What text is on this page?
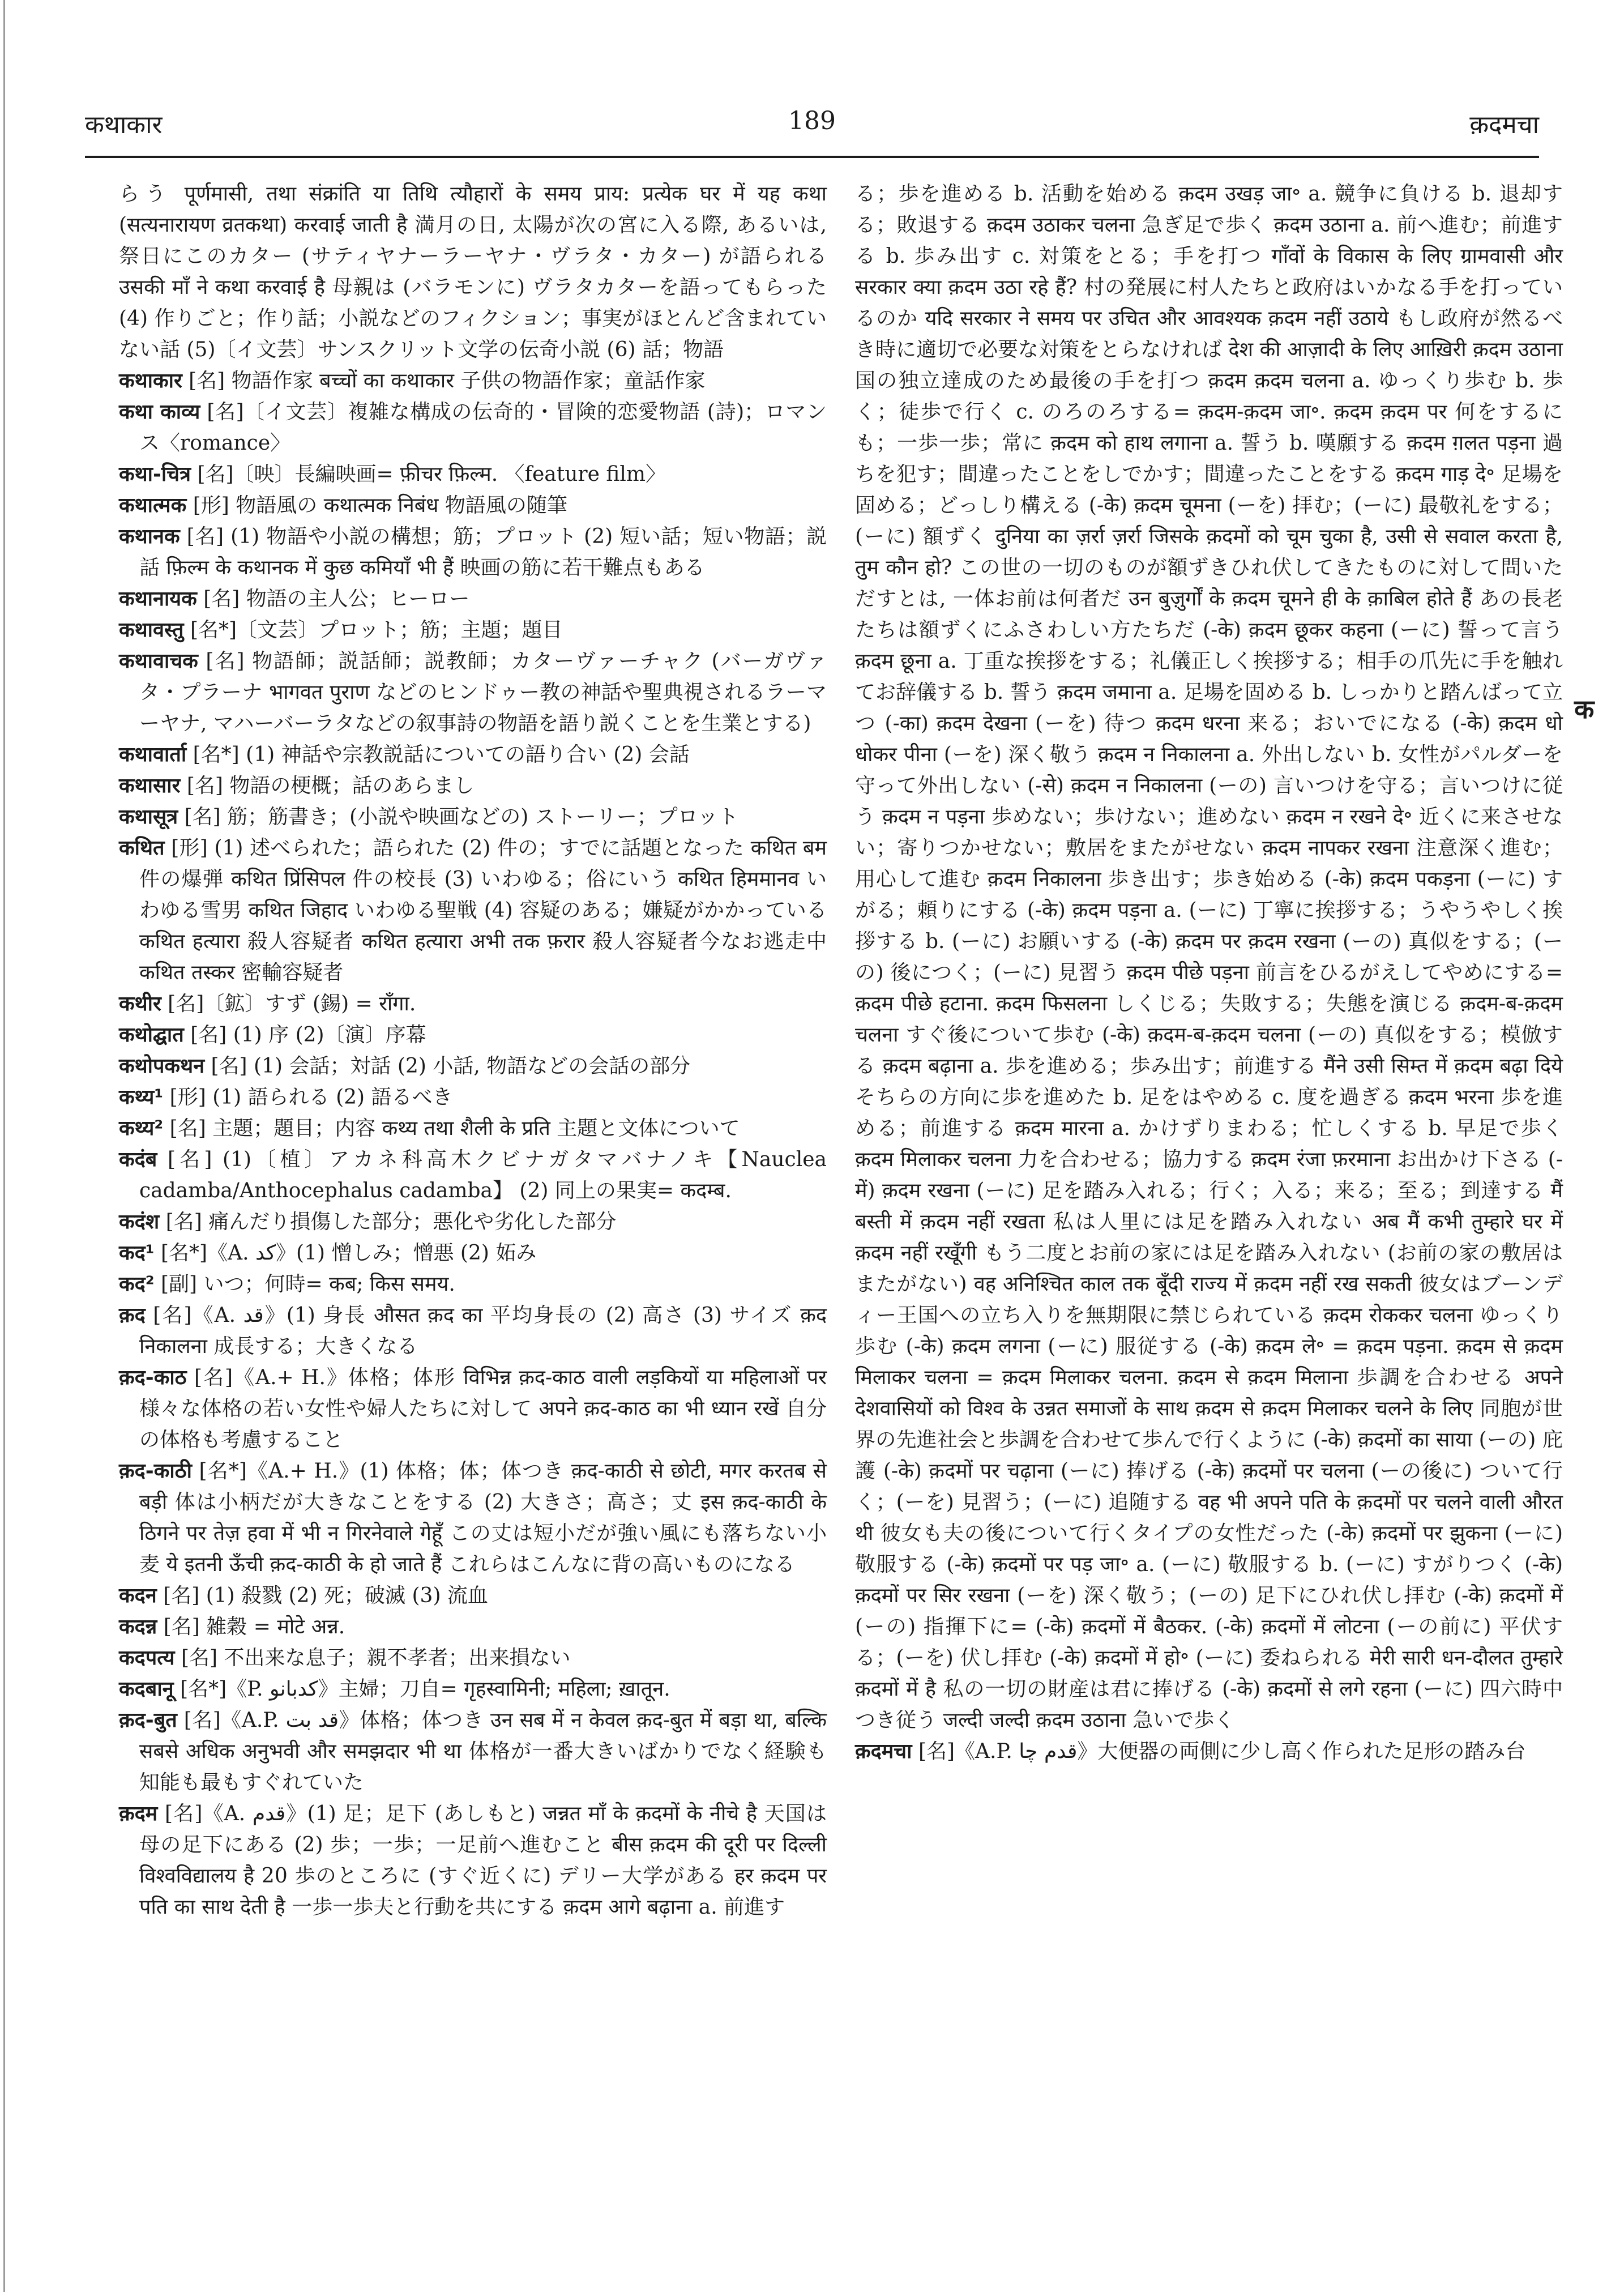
कथाकार	189	क़दमचा

らう पूर्णमासी, तथा संक्रांति या तिथि त्यौहारों के समय प्राय: प्रत्येक घर में यह कथा (सत्यनारायण व्रतकथा) करवाई जाती है 満月の日, 太陽が次の宮に入る際, あるいは, 祭日にこのカター (サティヤナーラーヤナ・ヴラタ・カター) が語られる उसकी माँ ने कथा करवाई है 母親は (バラモンに) ヴラタカターを語ってもらった (4) 作りごと；作り話；小説などのフィクション；事実がほとんど含まれていない話 (5)〔イ文芸〕サンスクリット文学の伝奇小説 (6) 話；物語

कथाकार [名] 物語作家 बच्चों का कथाकार 子供の物語作家；童話作家

कथा काव्य [名]〔イ文芸〕複雑な構成の伝奇的・冒険的恋愛物語 (詩)；ロマンス〈romance〉

कथा-चित्र [名]〔映〕長編映画= फ़ीचर फ़िल्म. 〈feature film〉

कथात्मक [形] 物語風の कथात्मक निबंध 物語風の随筆

कथानक [名] (1) 物語や小説の構想；筋；プロット (2) 短い話；短い物語；説話 फ़िल्म के कथानक में कुछ कमियाँ भी हैं 映画の筋に若干難点もある

कथानायक [名] 物語の主人公；ヒーロー

कथावस्तु [名*]〔文芸〕プロット；筋；主題；題目

कथावाचक [名] 物語師；説話師；説教師；カターヴァーチャク (バーガヴァタ・プラーナ भागवत पुराण などのヒンドゥー教の神話や聖典視されるラーマーヤナ, マハーバーラタなどの叙事詩の物語を語り説くことを生業とする)

कथावार्ता [名*] (1) 神話や宗教説話についての語り合い (2) 会話

कथासार [名] 物語の梗概；話のあらまし

कथासूत्र [名] 筋；筋書き；(小説や映画などの) ストーリー；プロット

कथित [形] (1) 述べられた；語られた (2) 件の；すでに話題となった कथित बम 件の爆弾 कथित प्रिंसिपल 件の校長 (3) いわゆる；俗にいう कथित हिममानव いわゆる雪男 कथित जिहाद いわゆる聖戦 (4) 容疑のある；嫌疑がかかっている कथित हत्यारा 殺人容疑者 कथित हत्यारा अभी तक फ़रार 殺人容疑者今なお逃走中 कथित तस्कर 密輸容疑者

कथीर [名]〔鉱〕すず (錫) = राँगा.

कथोद्घात [名] (1) 序 (2)〔演〕序幕

कथोपकथन [名] (1) 会話；対話 (2) 小話, 物語などの会話の部分

कथ्य¹ [形] (1) 語られる (2) 語るべき

कथ्य² [名] 主題；題目；内容 कथ्य तथा शैली के प्रति 主題と文体について

कदंब [名] (1)〔植〕アカネ科高木クビナガタマバナノキ【Nauclea cadamba/Anthocephalus cadamba】 (2) 同上の果実= कदम्ब.

कदंश [名] 痛んだり損傷した部分；悪化や劣化した部分

कद¹ [名*]《A. کد》(1) 憎しみ；憎悪 (2) 妬み

कद² [副] いつ；何時= कब; किस समय.

क़द [名]《A. قد》(1) 身長 औसत क़द का 平均身長の (2) 高さ (3) サイズ क़द निकालना 成長する；大きくなる

क़द-काठ [名]《A.+ H.》体格；体形 विभिन्न क़द-काठ वाली लड़कियों या महिलाओं पर 様々な体格の若い女性や婦人たちに対して अपने क़द-काठ का भी ध्यान रखें 自分の体格も考慮すること

क़द-काठी [名*]《A.+ H.》(1) 体格；体；体つき क़द-काठी से छोटी, मगर करतब से बड़ी 体は小柄だが大きなことをする (2) 大きさ；高さ；丈 इस क़द-काठी के ठिगने पर तेज़ हवा में भी न गिरनेवाले गेहूँ この丈は短小だが強い風にも落ちない小麦 ये इतनी ऊँची क़द-काठी के हो जाते हैं これらはこんなに背の高いものになる

कदन [名] (1) 殺戮 (2) 死；破滅 (3) 流血

कदन्न [名] 雑穀 = मोटे अन्न.

कदपत्य [名] 不出来な息子；親不孝者；出来損ない

कदबानू [名*]《P. کدبانو》主婦；刀自= गृहस्वामिनी; महिला; ख़ातून.

क़द-बुत [名]《A.P. قد بت》体格；体つき उन सब में न केवल क़द-बुत में बड़ा था, बल्कि सबसे अधिक अनुभवी और समझदार भी था 体格が一番大きいばかりでなく経験も知能も最もすぐれていた

क़दम [名]《A. قدم》(1) 足；足下 (あしもと) जन्नत माँ के क़दमों के नीचे है 天国は母の足下にある (2) 歩；一歩；一足前へ進むこと बीस क़दम की दूरी पर दिल्ली विश्वविद्यालय है 20 歩のところに (すぐ近くに) デリー大学がある हर क़दम पर पति का साथ देती है 一歩一歩夫と行動を共にする क़दम आगे बढ़ाना a. 前進す

る；歩を進める b. 活動を始める क़दम उखड़ जा॰ a. 競争に負ける b. 退却する；敗退する क़दम उठाकर चलना 急ぎ足で歩く क़दम उठाना a. 前へ進む；前進する b. 歩み出す c. 対策をとる；手を打つ गाँवों के विकास के लिए ग्रामवासी और सरकार क्या क़दम उठा रहे हैं? 村の発展に村人たちと政府はいかなる手を打っているのか यदि सरकार ने समय पर उचित और आवश्यक क़दम नहीं उठाये もし政府が然るべき時に適切で必要な対策をとらなければ देश की आज़ादी के लिए आख़िरी क़दम उठाना 国の独立達成のため最後の手を打つ क़दम क़दम चलना a. ゆっくり歩む b. 歩く；徒歩で行く c. のろのろする= क़दम-क़दम जा॰. क़दम क़दम पर 何をするにも；一歩一歩；常に क़दम को हाथ लगाना a. 誓う b. 嘆願する क़दम ग़लत पड़ना 過ちを犯す；間違ったことをしでかす；間違ったことをする क़दम गाड़ दे॰ 足場を固める；どっしり構える (-के) क़दम चूमना (ーを) 拝む；(ーに) 最敬礼をする；(ーに) 額ずく दुनिया का ज़र्रा ज़र्रा जिसके क़दमों को चूम चुका है, उसी से सवाल करता है, तुम कौन हो? この世の一切のものが額ずきひれ伏してきたものに対して問いただすとは, 一体お前は何者だ उन बुज़ुर्गों के क़दम चूमने ही के क़ाबिल होते हैं あの長老たちは額ずくにふさわしい方たちだ (-के) क़दम छूकर कहना (ーに) 誓って言う क़दम छूना a. 丁重な挨拶をする；礼儀正しく挨拶する；相手の爪先に手を触れてお辞儀する b. 誓う क़दम जमाना a. 足場を固める b. しっかりと踏んばって立つ (-का) क़दम देखना (ーを) 待つ क़दम धरना 来る；おいでになる (-के) क़दम धो धोकर पीना (ーを) 深く敬う क़दम न निकालना a. 外出しない b. 女性がパルダーを守って外出しない (-से) क़दम न निकालना (ーの) 言いつけを守る；言いつけに従う क़दम न पड़ना 歩めない；歩けない；進めない क़दम न रखने दे॰ 近くに来させない；寄りつかせない；敷居をまたがせない क़दम नापकर रखना 注意深く進む；用心して進む क़दम निकालना 歩き出す；歩き始める (-के) क़दम पकड़ना (ーに) すがる；頼りにする (-के) क़दम पड़ना a. (ーに) 丁寧に挨拶する；うやうやしく挨拶する b. (ーに) お願いする (-के) क़दम पर क़दम रखना (ーの) 真似をする；(ーの) 後につく；(ーに) 見習う क़दम पीछे पड़ना 前言をひるがえしてやめにする= क़दम पीछे हटाना. क़दम फिसलना しくじる；失敗する；失態を演じる क़दम-ब-क़दम चलना すぐ後について歩む (-के) क़दम-ब-क़दम चलना (ーの) 真似をする；模倣する क़दम बढ़ाना a. 歩を進める；歩み出す；前進する मैंने उसी सिम्त में क़दम बढ़ा दिये そちらの方向に歩を進めた b. 足をはやめる c. 度を過ぎる क़दम भरना 歩を進める；前進する क़दम मारना a. かけずりまわる；忙しくする b. 早足で歩く क़दम मिलाकर चलना 力を合わせる；協力する क़दम रंजा फ़रमाना お出かけ下さる (- में) क़दम रखना (ーに) 足を踏み入れる；行く；入る；来る；至る；到達する मैं बस्ती में क़दम नहीं रखता 私は人里には足を踏み入れない अब मैं कभी तुम्हारे घर में क़दम नहीं रखूँगी もう二度とお前の家には足を踏み入れない (お前の家の敷居はまたがない) वह अनिश्चित काल तक बूँदी राज्य में क़दम नहीं रख सकती 彼女はブーンディー王国への立ち入りを無期限に禁じられている क़दम रोककर चलना ゆっくり歩む (-के) क़दम लगना (ーに) 服従する (-के) क़दम ले॰ = क़दम पड़ना. क़दम से क़दम मिलाकर चलना = क़दम मिलाकर चलना. क़दम से क़दम मिलाना 歩調を合わせる अपने देशवासियों को विश्व के उन्नत समाजों के साथ क़दम से क़दम मिलाकर चलने के लिए 同胞が世界の先進社会と歩調を合わせて歩んで行くように (-के) क़दमों का साया (ーの) 庇護 (-के) क़दमों पर चढ़ाना (ーに) 捧げる (-के) क़दमों पर चलना (ーの後に) ついて行く；(ーを) 見習う；(ーに) 追随する वह भी अपने पति के क़दमों पर चलने वाली औरत थी 彼女も夫の後について行くタイプの女性だった (-के) क़दमों पर झुकना (ーに) 敬服する (-के) क़दमों पर पड़ जा॰ a. (ーに) 敬服する b. (ーに) すがりつく (-के) क़दमों पर सिर रखना (ーを) 深く敬う；(ーの) 足下にひれ伏し拝む (-के) क़दमों में (ーの) 指揮下に= (-के) क़दमों में बैठकर. (-के) क़दमों में लोटना (ーの前に) 平伏する；(ーを) 伏し拝む (-के) क़दमों में हो॰ (ーに) 委ねられる मेरी सारी धन-दौलत तुम्हारे क़दमों में है 私の一切の財産は君に捧げる (-के) क़दमों से लगे रहना (ーに) 四六時中つき従う जल्दी जल्दी क़दम उठाना 急いで歩く

क़दमचा [名]《A.P. قدم چا》大便器の両側に少し高く作られた足形の踏み台

क
